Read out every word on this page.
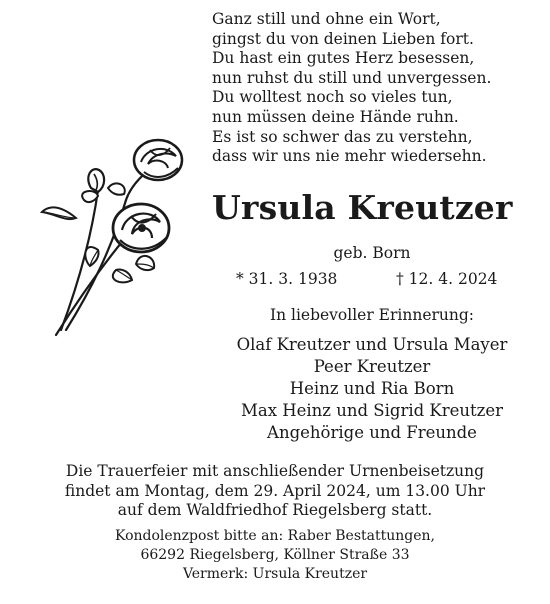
Ganz still und ohne ein Wort,
gingst du von deinen Lieben fort.
Du hast ein gutes Herz besessen,
nun ruhst du still und unvergessen.
Du wolltest noch so vieles tun,
nun müssen deine Hände ruhn.
Es ist so schwer das zu verstehn,
dass wir uns nie mehr wiedersehn.
Ursula Kreutzer
geb. Born
* 31. 3. 1938	† 12. 4. 2024
In liebevoller Erinnerung:
Olaf Kreutzer und Ursula Mayer
Peer Kreutzer
Heinz und Ria Born
Max Heinz und Sigrid Kreutzer
Angehörige und Freunde
Die Trauerfeier mit anschließender Urnenbeisetzung
findet am Montag, dem 29. April 2024, um 13.00 Uhr
auf dem Waldfriedhof Riegelsberg statt.
Kondolenzpost bitte an: Raber Bestattungen,
66292 Riegelsberg, Köllner Straße 33
Vermerk: Ursula Kreutzer
